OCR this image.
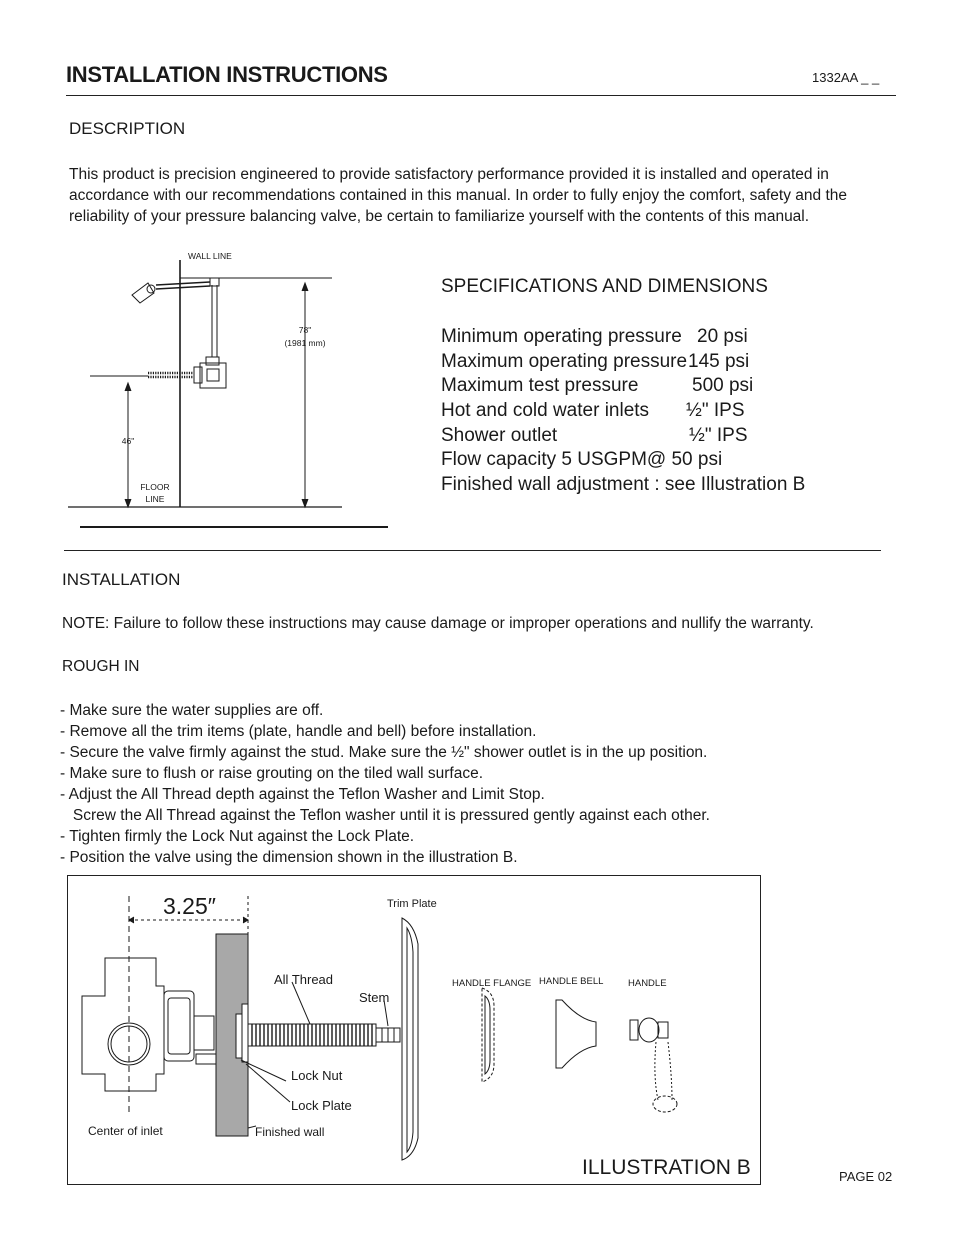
INSTALLATION INSTRUCTIONS	1332AA _ _
DESCRIPTION
This product is precision engineered to provide satisfactory performance provided it is installed and operated in accordance with our recommendations contained in this manual. In order to fully enjoy the comfort, safety and the reliability of your pressure balancing valve, be certain to familiarize yourself with the contents of this manual.
WALL LINE
78"
(1981 mm)
46"
FLOOR
LINE
SPECIFICATIONS AND DIMENSIONS
Minimum operating pressure 20 psi
Maximum operating pressure 145 psi
Maximum test pressure	500 psi
Hot and cold water inlets ½" IPS
Shower outlet	½" IPS
Flow capacity 5 USGPM@ 50 psi
Finished wall adjustment : see Illustration B
INSTALLATION
NOTE: Failure to follow these instructions may cause damage or improper operations and nullify the warranty.
ROUGH IN
- Make sure the water supplies are off.
- Remove all the trim items (plate, handle and bell) before installation.
- Secure the valve firmly against the stud. Make sure the ½" shower outlet is in the up position.
- Make sure to flush or raise grouting on the tiled wall surface.
- Adjust the All Thread depth against the Teflon Washer and Limit Stop.
Screw the All Thread against the Teflon washer until it is pressured gently against each other.
- Tighten firmly the Lock Nut against the Lock Plate.
- Position the valve using the dimension shown in the illustration B.
3.25″	Trim Plate
All Thread
Stem
HANDLE FLANGE HANDLE BELL	HANDLE
Lock Nut
Lock Plate
Center of inlet	Finished wall
ILLUSTRATION B	PAGE 02
